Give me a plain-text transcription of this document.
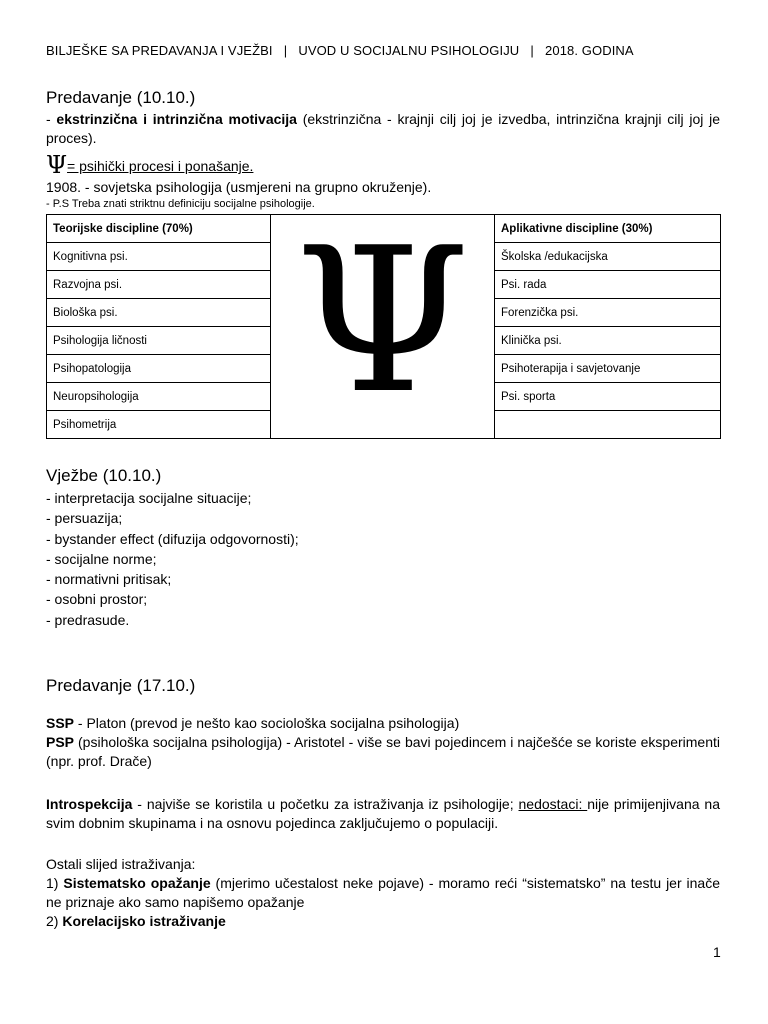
BILJEŠKE SA PREDAVANJA I VJEŽBI   |   UVOD U SOCIJALNU PSIHOLOGIJU   |   2018. GODINA
Predavanje (10.10.)

- ekstrinzična i intrinzična motivacija (ekstrinzična - krajnji cilj joj je izvedba, intrinzična krajnji cilj joj je proces).

Ψ= psihički procesi i ponašanje.

1908. - sovjetska psihologija (usmjereni na grupno okruženje).

- P.S Treba znati striktnu definiciju socijalne psihologije.

Teorijske discipline (70%)	Ψ	Aplikativne discipline (30%)
Kognitivna psi.		Školska /edukacijska
Razvojna psi.		Psi. rada
Biološka psi.		Forenzička psi.
Psihologija ličnosti		Klinička psi.
Psihopatologija		Psihoterapija i savjetovanje
Neuropsihologija		Psi. sporta
Psihometrija		
Vježbe (10.10.)
- interpretacija socijalne situacije;
- persuazija;
- bystander effect (difuzija odgovornosti);
- socijalne norme;
- normativni pritisak;
- osobni prostor;
- predrasude.
Predavanje (17.10.)

SSP - Platon (prevod je nešto kao sociološka socijalna psihologija)

PSP (psihološka socijalna psihologija) - Aristotel - više se bavi pojedincem i najčešće se koriste eksperimenti (npr. prof. Drače)

Introspekcija - najviše se koristila u početku za istraživanja iz psihologije; nedostaci: nije primijenjivana na svim dobnim skupinama i na osnovu pojedinca zaključujemo o populaciji.

Ostali slijed istraživanja:

1) Sistematsko opažanje (mjerimo učestalost neke pojave) - moramo reći “sistematsko” na testu jer inače ne priznaje ako samo napišemo opažanje

2) Korelacijsko istraživanje

1
